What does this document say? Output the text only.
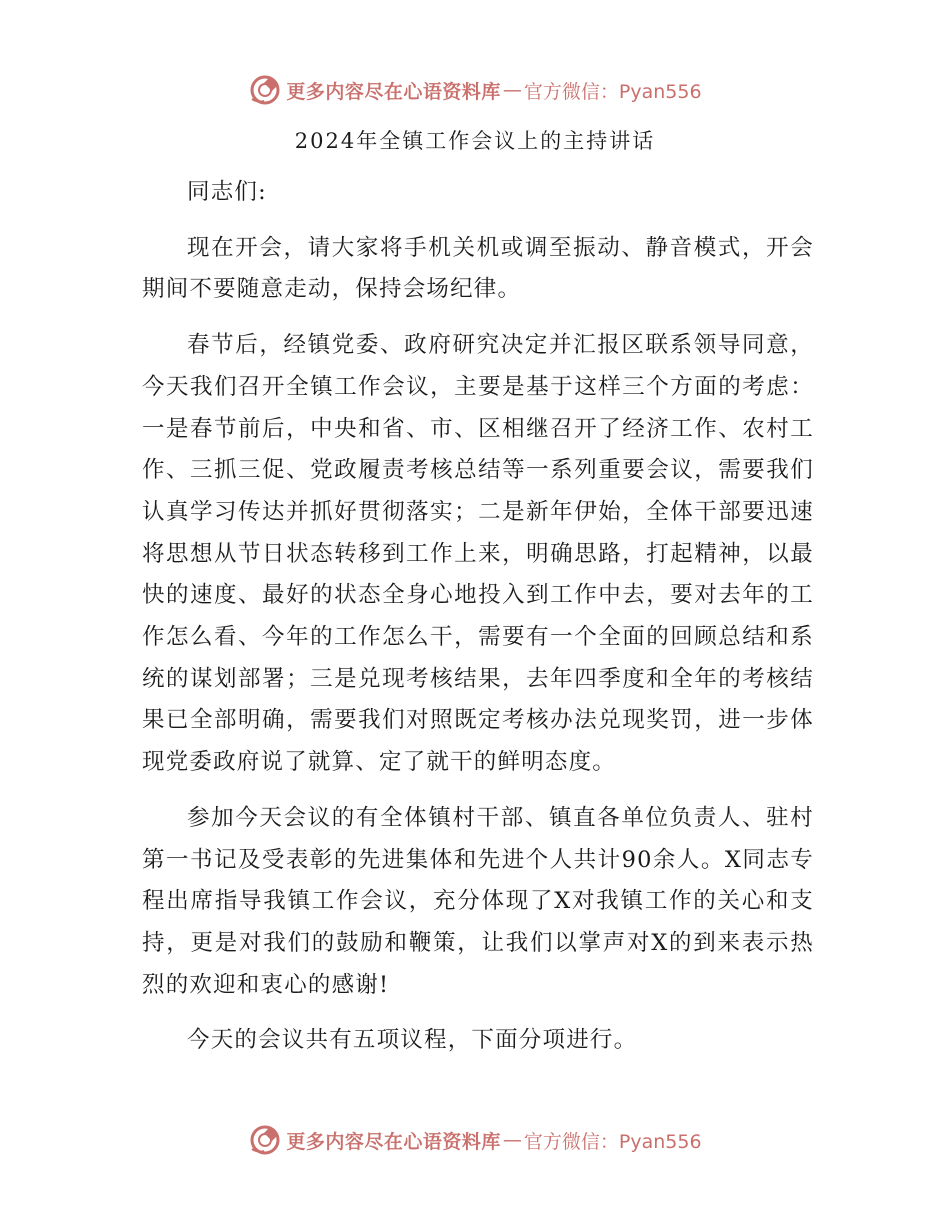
更多内容尽在心语资料库 — 官方微信：Pyan556
2024年全镇工作会议上的主持讲话

同志们:

现在开会，请大家将手机关机或调至振动、静音模式，开会期间不要随意走动，保持会场纪律。

春节后，经镇党委、政府研究决定并汇报区联系领导同意，今天我们召开全镇工作会议，主要是基于这样三个方面的考虑：一是春节前后，中央和省、市、区相继召开了经济工作、农村工作、三抓三促、党政履责考核总结等一系列重要会议，需要我们认真学习传达并抓好贯彻落实；二是新年伊始，全体干部要迅速将思想从节日状态转移到工作上来，明确思路，打起精神，以最快的速度、最好的状态全身心地投入到工作中去，要对去年的工作怎么看、今年的工作怎么干，需要有一个全面的回顾总结和系统的谋划部署；三是兑现考核结果，去年四季度和全年的考核结果已全部明确，需要我们对照既定考核办法兑现奖罚，进一步体现党委政府说了就算、定了就干的鲜明态度。

参加今天会议的有全体镇村干部、镇直各单位负责人、驻村第一书记及受表彰的先进集体和先进个人共计90余人。X同志专程出席指导我镇工作会议，充分体现了X对我镇工作的关心和支持，更是对我们的鼓励和鞭策，让我们以掌声对X的到来表示热烈的欢迎和衷心的感谢!

今天的会议共有五项议程，下面分项进行。

更多内容尽在心语资料库 — 官方微信：Pyan556
